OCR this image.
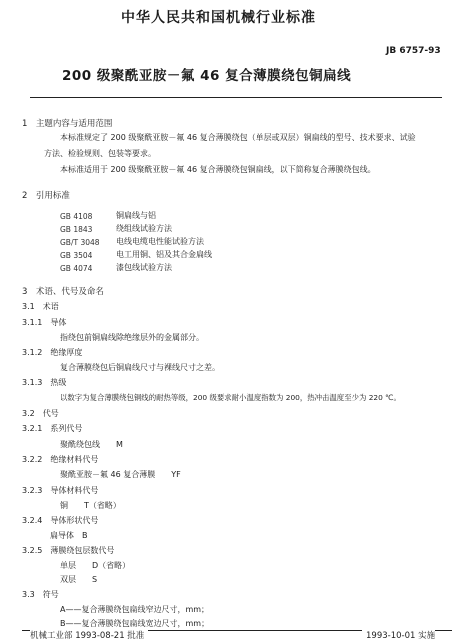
中华人民共和国机械行业标准
JB 6757-93
200 级聚酰亚胺－氟 46 复合薄膜绕包铜扁线
1　主题内容与适用范围
本标准规定了 200 级聚酰亚胺－氟 46 复合薄膜绕包（单层或双层）铜扁线的型号、技术要求、试验
方法、检验规则、包装等要求。
本标准适用于 200 级聚酰亚胺－氟 46 复合薄膜绕包铜扁线，以下简称复合薄膜绕包线。
2　引用标准
GB 4108	铜扁线与铝
GB 1843	绕组线试验方法
GB/T 3048 电线电缆电性能试验方法
GB 3504	电工用铜、铝及其合金扁线
GB 4074	漆包线试验方法
3　术语、代号及命名
3.1　术语
3.1.1　导体
指绕包前铜扁线除绝缘层外的金属部分。
3.1.2　绝缘厚度
复合薄膜绕包后铜扁线尺寸与裸线尺寸之差。
3.1.3　热级
以数字为复合薄膜绕包铜线的耐热等级，200 级要求耐小温度指数为 200，热冲击温度至少为 220 ℃。
3.2　代号
3.2.1　系列代号
聚酰绕包线　　M
3.2.2　绝缘材料代号
聚酰亚胺－氟 46 复合薄膜　　YF
3.2.3　导体材料代号
铜　　T（省略）
3.2.4　导体形状代号
扁导体　B
3.2.5　薄膜绕包层数代号
单层　　D（省略）
双层　　S
3.3　符号
A——复合薄膜绕包扁线窄边尺寸，mm；
B——复合薄膜绕包扁线宽边尺寸，mm；
机械工业部 1993-08-21 批准	1993-10-01 实施
